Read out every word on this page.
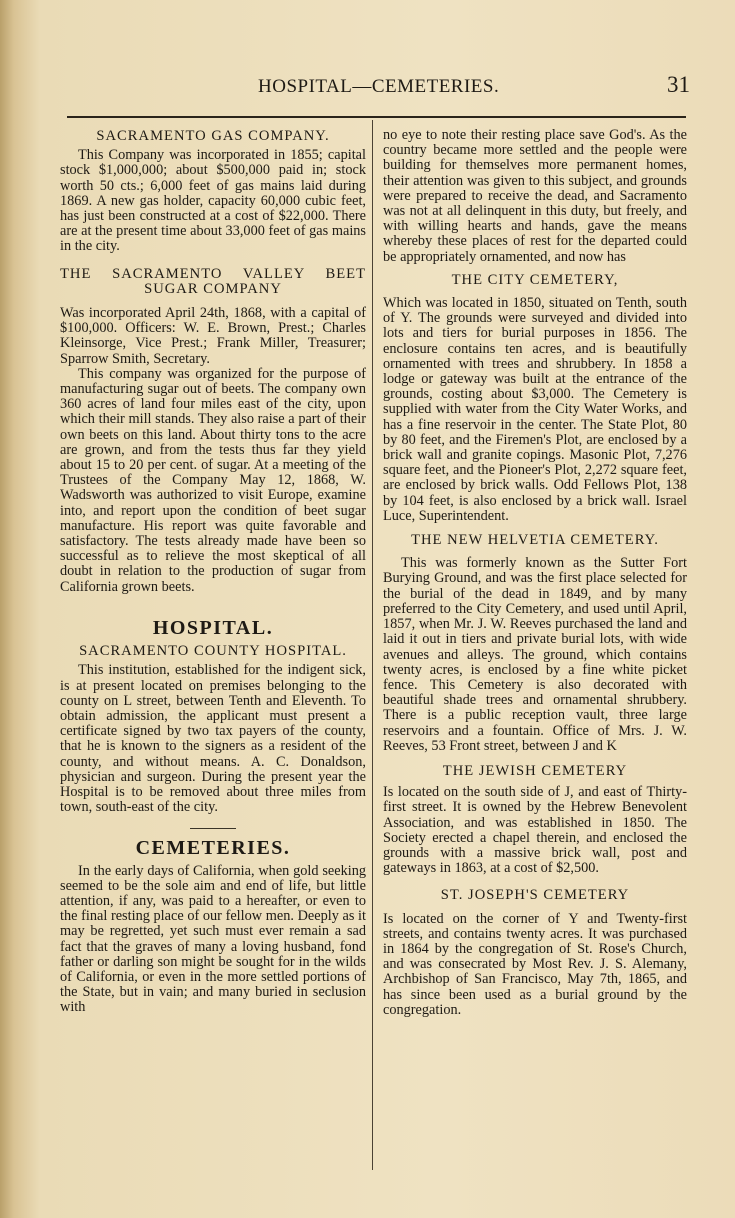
HOSPITAL—CEMETERIES.	31
SACRAMENTO GAS COMPANY.

This Company was incorporated in 1855; capital stock $1,000,000; about $500,000 paid in; stock worth 50 cts.; 6,000 feet of gas mains laid during 1869. A new gas holder, capacity 60,000 cubic feet, has just been constructed at a cost of $22,000. There are at the present time about 33,000 feet of gas mains in the city.

THE SACRAMENTO VALLEY BEET
SUGAR COMPANY

Was incorporated April 24th, 1868, with a capital of $100,000. Officers: W. E. Brown, Prest.; Charles Kleinsorge, Vice Prest.; Frank Miller, Treasurer; Sparrow Smith, Secretary.

This company was organized for the purpose of manufacturing sugar out of beets. The company own 360 acres of land four miles east of the city, upon which their mill stands. They also raise a part of their own beets on this land. About thirty tons to the acre are grown, and from the tests thus far they yield about 15 to 20 per cent. of sugar. At a meeting of the Trustees of the Company May 12, 1868, W. Wadsworth was authorized to visit Europe, examine into, and report upon the condition of beet sugar manufacture. His report was quite favorable and satisfactory. The tests already made have been so successful as to relieve the most skeptical of all doubt in relation to the production of sugar from California grown beets.

HOSPITAL.
SACRAMENTO COUNTY HOSPITAL.

This institution, established for the indigent sick, is at present located on premises belonging to the county on L street, between Tenth and Eleventh. To obtain admission, the applicant must present a certificate signed by two tax payers of the county, that he is known to the signers as a resident of the county, and without means. A. C. Donaldson, physician and surgeon. During the present year the Hospital is to be removed about three miles from town, south-east of the city.

CEMETERIES.

In the early days of California, when gold seeking seemed to be the sole aim and end of life, but little attention, if any, was paid to a hereafter, or even to the final resting place of our fellow men. Deeply as it may be regretted, yet such must ever remain a sad fact that the graves of many a loving husband, fond father or darling son might be sought for in the wilds of California, or even in the more settled portions of the State, but in vain; and many buried in seclusion with

no eye to note their resting place save God's. As the country became more settled and the people were building for themselves more permanent homes, their attention was given to this subject, and grounds were prepared to receive the dead, and Sacramento was not at all delinquent in this duty, but freely, and with willing hearts and hands, gave the means whereby these places of rest for the departed could be appropriately ornamented, and now has

THE CITY CEMETERY,

Which was located in 1850, situated on Tenth, south of Y. The grounds were surveyed and divided into lots and tiers for burial purposes in 1856. The enclosure contains ten acres, and is beautifully ornamented with trees and shrubbery. In 1858 a lodge or gateway was built at the entrance of the grounds, costing about $3,000. The Cemetery is supplied with water from the City Water Works, and has a fine reservoir in the center. The State Plot, 80 by 80 feet, and the Firemen's Plot, are enclosed by a brick wall and granite copings. Masonic Plot, 7,276 square feet, and the Pioneer's Plot, 2,272 square feet, are enclosed by brick walls. Odd Fellows Plot, 138 by 104 feet, is also enclosed by a brick wall. Israel Luce, Superintendent.

THE NEW HELVETIA CEMETERY.

This was formerly known as the Sutter Fort Burying Ground, and was the first place selected for the burial of the dead in 1849, and by many preferred to the City Cemetery, and used until April, 1857, when Mr. J. W. Reeves purchased the land and laid it out in tiers and private burial lots, with wide avenues and alleys. The ground, which contains twenty acres, is enclosed by a fine white picket fence. This Cemetery is also decorated with beautiful shade trees and ornamental shrubbery. There is a public reception vault, three large reservoirs and a fountain. Office of Mrs. J. W. Reeves, 53 Front street, between J and K

THE JEWISH CEMETERY

Is located on the south side of J, and east of Thirty-first street. It is owned by the Hebrew Benevolent Association, and was established in 1850. The Society erected a chapel therein, and enclosed the grounds with a massive brick wall, post and gateways in 1863, at a cost of $2,500.

ST. JOSEPH'S CEMETERY

Is located on the corner of Y and Twenty-first streets, and contains twenty acres. It was purchased in 1864 by the congregation of St. Rose's Church, and was consecrated by Most Rev. J. S. Alemany, Archbishop of San Francisco, May 7th, 1865, and has since been used as a burial ground by the congregation.
